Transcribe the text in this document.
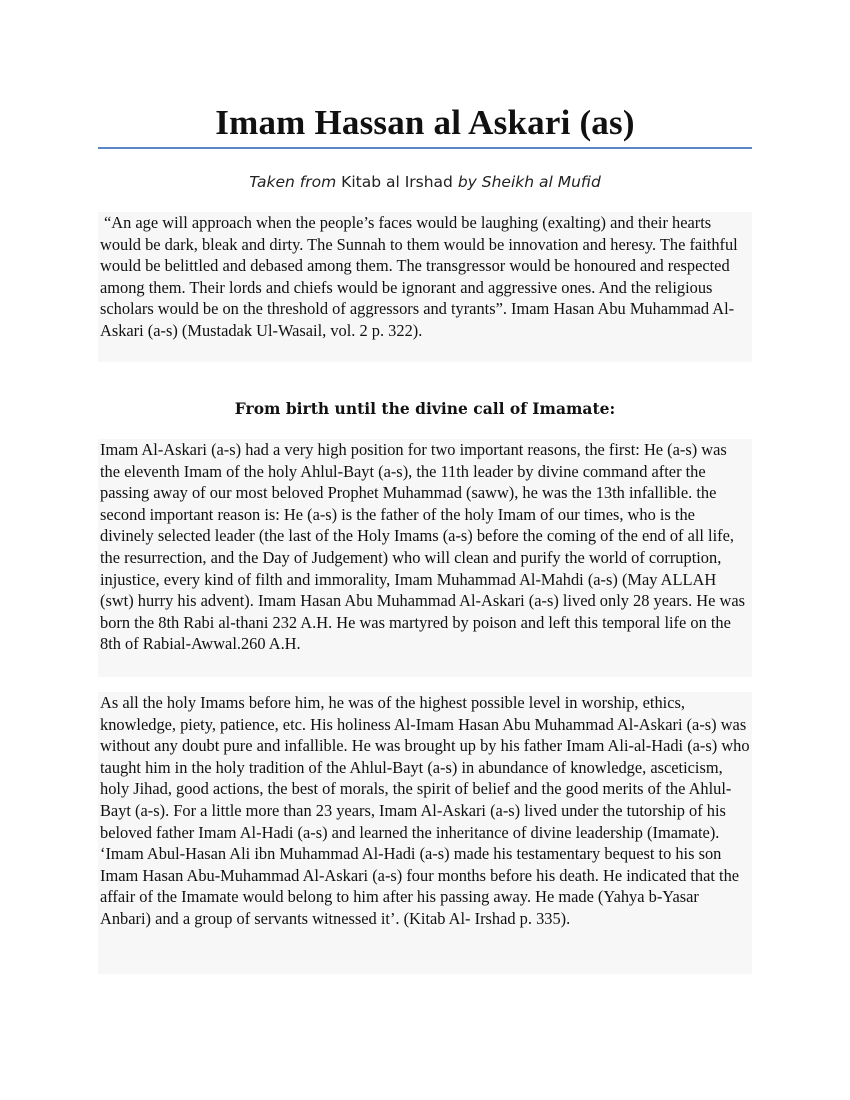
Imam Hassan al Askari (as)
Taken from Kitab al Irshad by Sheikh al Mufid

“An age will approach when the people’s faces would be laughing (exalting) and their hearts would be dark, bleak and dirty. The Sunnah to them would be innovation and heresy. The faithful would be belittled and debased among them. The transgressor would be honoured and respected among them. Their lords and chiefs would be ignorant and aggressive ones. And the religious scholars would be on the threshold of aggressors and tyrants”. Imam Hasan Abu Muhammad Al-Askari (a-s) (Mustadak Ul-Wasail, vol. 2 p. 322).

From birth until the divine call of Imamate:

Imam Al-Askari (a-s) had a very high position for two important reasons, the first: He (a-s) was the eleventh Imam of the holy Ahlul-Bayt (a-s), the 11th leader by divine command after the passing away of our most beloved Prophet Muhammad (saww), he was the 13th infallible. the second important reason is: He (a-s) is the father of the holy Imam of our times, who is the divinely selected leader (the last of the Holy Imams (a-s) before the coming of the end of all life, the resurrection, and the Day of Judgement) who will clean and purify the world of corruption, injustice, every kind of filth and immorality, Imam Muhammad Al-Mahdi (a-s) (May ALLAH (swt) hurry his advent). Imam Hasan Abu Muhammad Al-Askari (a-s) lived only 28 years. He was born the 8th Rabi al-thani 232 A.H. He was martyred by poison and left this temporal life on the 8th of Rabial-Awwal.260 A.H.

As all the holy Imams before him, he was of the highest possible level in worship, ethics, knowledge, piety, patience, etc. His holiness Al-Imam Hasan Abu Muhammad Al-Askari (a-s) was without any doubt pure and infallible. He was brought up by his father Imam Ali-al-Hadi (a-s) who taught him in the holy tradition of the Ahlul-Bayt (a-s) in abundance of knowledge, asceticism, holy Jihad, good actions, the best of morals, the spirit of belief and the good merits of the Ahlul-Bayt (a-s). For a little more than 23 years, Imam Al-Askari (a-s) lived under the tutorship of his beloved father Imam Al-Hadi (a-s) and learned the inheritance of divine leadership (Imamate). ‘Imam Abul-Hasan Ali ibn Muhammad Al-Hadi (a-s) made his testamentary bequest to his son Imam Hasan Abu-Muhammad Al-Askari (a-s) four months before his death. He indicated that the affair of the Imamate would belong to him after his passing away. He made (Yahya b-Yasar Anbari) and a group of servants witnessed it’. (Kitab Al- Irshad p. 335).
